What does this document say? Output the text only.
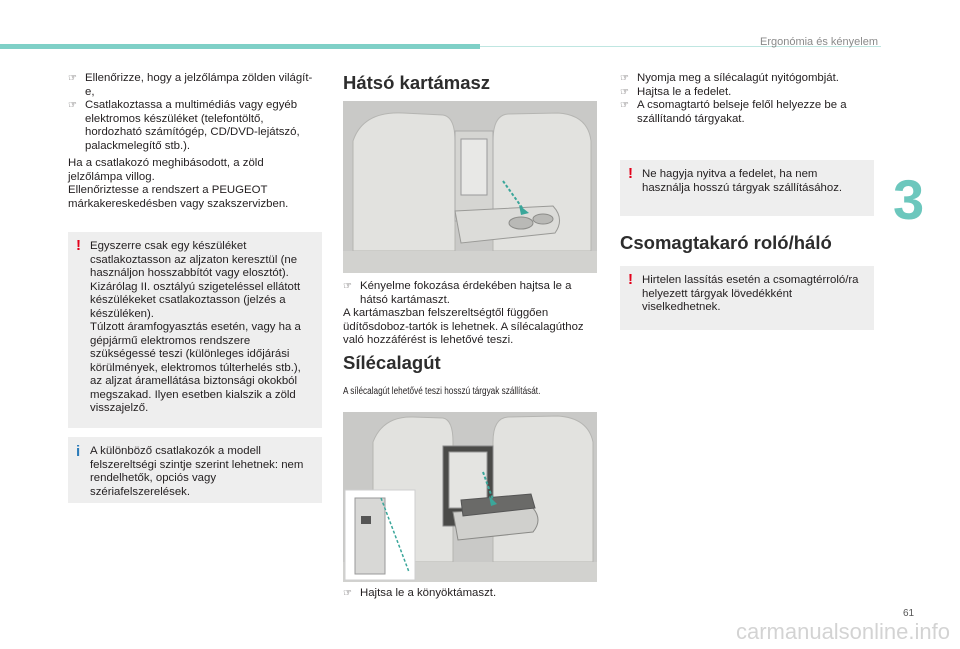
Ergonómia és kényelem
3
61
carmanualsonline.info
☞ Ellenőrizze, hogy a jelzőlámpa zölden világít-e,
☞ Csatlakoztassa a multimédiás vagy egyéb elektromos készüléket (telefontöltő, hordozható számítógép, CD/DVD-lejátszó, palackmelegítő stb.).
Ha a csatlakozó meghibásodott, a zöld jelzőlámpa villog.
Ellenőriztesse a rendszert a PEUGEOT márkakereskedésben vagy szakszervizben.
! Egyszerre csak egy készüléket csatlakoztasson az aljzaton keresztül (ne használjon hosszabbítót vagy elosztót).
Kizárólag II. osztályú szigeteléssel ellátott készülékeket csatlakoztasson (jelzés a készüléken).
Túlzott áramfogyasztás esetén, vagy ha a gépjármű elektromos rendszere szükségessé teszi (különleges időjárási körülmények, elektromos túlterhelés stb.), az aljzat áramellátása biztonsági okokból megszakad. Ilyen esetben kialszik a zöld visszajelző.
i A különböző csatlakozók a modell felszereltségi szintje szerint lehetnek: nem rendelhetők, opciós vagy szériafelszerelések.
Hátsó kartámasz
☞ Kényelme fokozása érdekében hajtsa le a hátsó kartámaszt.
A kartámaszban felszereltségtől függően üdítősdoboz-tartók is lehetnek. A sílécalagúthoz való hozzáférést is lehetővé teszi.
Sílécalagút
A sílécalagút lehetővé teszi hosszú tárgyak szállítását.
☞ Hajtsa le a könyöktámaszt.
☞ Nyomja meg a sílécalagút nyitógombját.
☞ Hajtsa le a fedelet.
☞ A csomagtartó belseje felől helyezze be a szállítandó tárgyakat.
! Ne hagyja nyitva a fedelet, ha nem használja hosszú tárgyak szállításához.
Csomagtakaró roló/háló
! Hirtelen lassítás esetén a csomagtérroló/ra helyezett tárgyak lövedékként viselkedhetnek.
